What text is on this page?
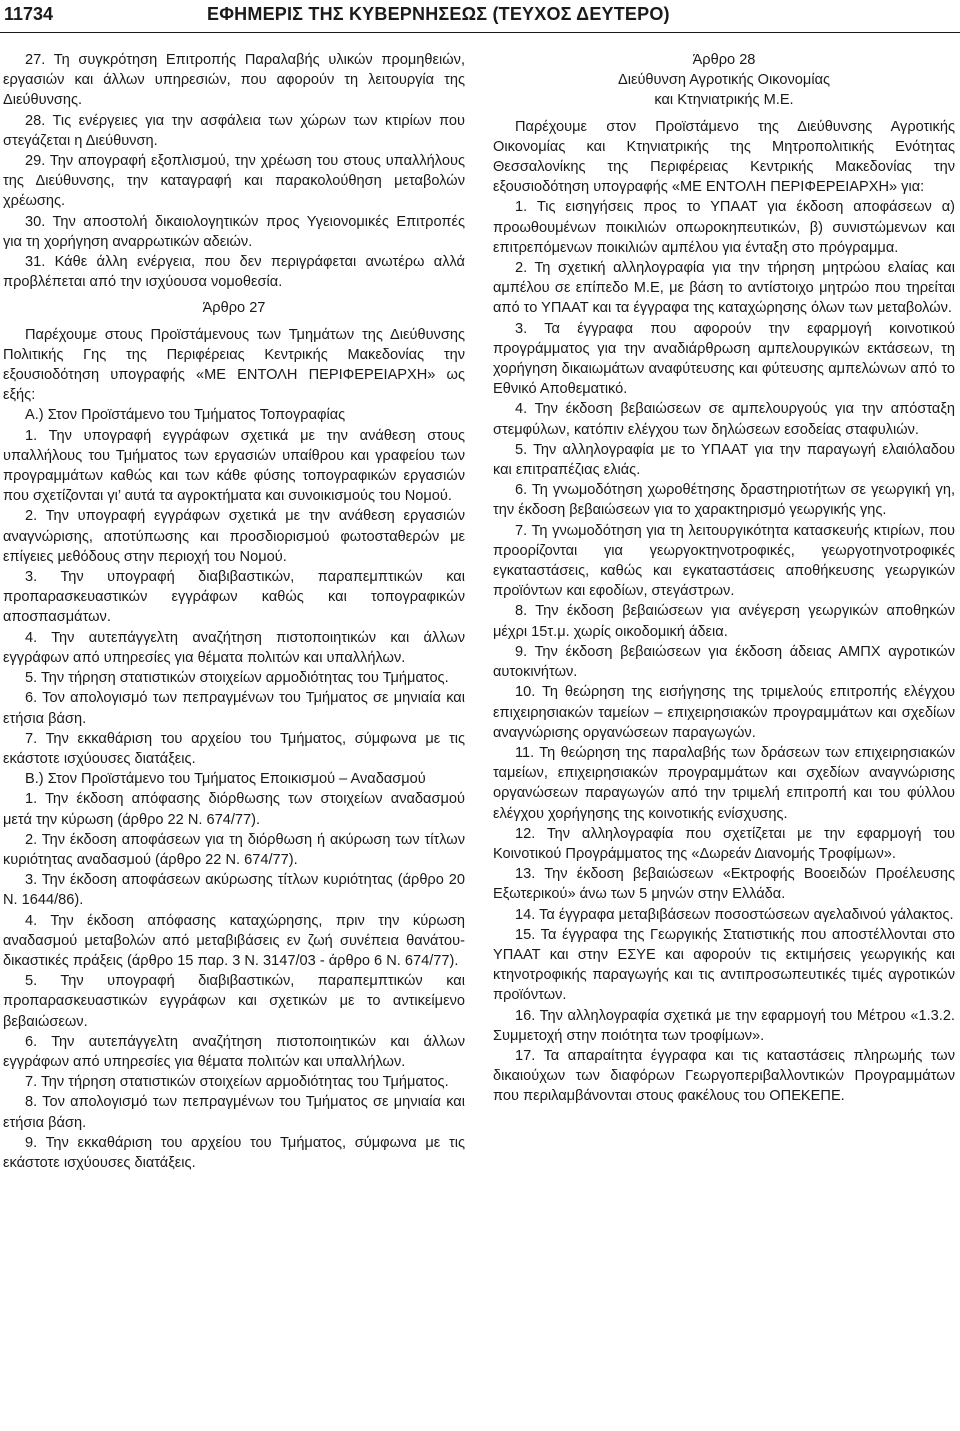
11734	ΕΦΗΜΕΡΙΣ ΤΗΣ ΚΥΒΕΡΝΗΣΕΩΣ (ΤΕΥΧΟΣ ΔΕΥΤΕΡΟ)

27. Τη συγκρότηση Επιτροπής Παραλαβής υλικών προμηθειών, εργασιών και άλλων υπηρεσιών, που αφορούν τη λειτουργία της Διεύθυνσης.

28. Τις ενέργειες για την ασφάλεια των χώρων των κτιρίων που στεγάζεται η Διεύθυνση.

29. Την απογραφή εξοπλισμού, την χρέωση του στους υπαλλήλους της Διεύθυνσης, την καταγραφή και παρακολούθηση μεταβολών χρέωσης.

30. Την αποστολή δικαιολογητικών προς Υγειονομικές Επιτροπές για τη χορήγηση αναρρωτικών αδειών.

31. Κάθε άλλη ενέργεια, που δεν περιγράφεται ανωτέρω αλλά προβλέπεται από την ισχύουσα νομοθεσία.

Άρθρο 27

Παρέχουμε στους Προϊστάμενους των Τμημάτων της Διεύθυνσης Πολιτικής Γης της Περιφέρειας Κεντρικής Μακεδονίας την εξουσιοδότηση υπογραφής «ΜΕ ΕΝΤΟΛΗ ΠΕΡΙΦΕΡΕΙΑΡΧΗ» ως εξής:

Α.) Στον Προϊστάμενο του Τμήματος Τοπογραφίας

1. Την υπογραφή εγγράφων σχετικά με την ανάθεση στους υπαλλήλους του Τμήματος των εργασιών υπαίθρου και γραφείου των προγραμμάτων καθώς και των κάθε φύσης τοπογραφικών εργασιών που σχετίζονται γι’ αυτά τα αγροκτήματα και συνοικισμούς του Νομού.

2. Την υπογραφή εγγράφων σχετικά με την ανάθεση εργασιών αναγνώρισης, αποτύπωσης και προσδιορισμού φωτοσταθερών με επίγειες μεθόδους στην περιοχή του Νομού.

3. Την υπογραφή διαβιβαστικών, παραπεμπτικών και προπαρασκευαστικών εγγράφων καθώς και τοπογραφικών αποσπασμάτων.

4. Την αυτεπάγγελτη αναζήτηση πιστοποιητικών και άλλων εγγράφων από υπηρεσίες για θέματα πολιτών και υπαλλήλων.

5. Την τήρηση στατιστικών στοιχείων αρμοδιότητας του Τμήματος.

6. Τον απολογισμό των πεπραγμένων του Τμήματος σε μηνιαία και ετήσια βάση.

7. Την εκκαθάριση του αρχείου του Τμήματος, σύμφωνα με τις εκάστοτε ισχύουσες διατάξεις.

Β.) Στον Προϊστάμενο του Τμήματος Εποικισμού – Αναδασμού

1. Την έκδοση απόφασης διόρθωσης των στοιχείων αναδασμού μετά την κύρωση (άρθρο 22 Ν. 674/77).

2. Την έκδοση αποφάσεων για τη διόρθωση ή ακύρωση των τίτλων κυριότητας αναδασμού (άρθρο 22 Ν. 674/77).

3. Την έκδοση αποφάσεων ακύρωσης τίτλων κυριότητας (άρθρο 20 Ν. 1644/86).

4. Την έκδοση απόφασης καταχώρησης, πριν την κύρωση αναδασμού μεταβολών από μεταβιβάσεις εν ζωή συνέπεια θανάτου-δικαστικές πράξεις (άρθρο 15 παρ. 3 Ν. 3147/03 - άρθρο 6 Ν. 674/77).

5. Την υπογραφή διαβιβαστικών, παραπεμπτικών και προπαρασκευαστικών εγγράφων και σχετικών με το αντικείμενο βεβαιώσεων.

6. Την αυτεπάγγελτη αναζήτηση πιστοποιητικών και άλλων εγγράφων από υπηρεσίες για θέματα πολιτών και υπαλλήλων.

7. Την τήρηση στατιστικών στοιχείων αρμοδιότητας του Τμήματος.

8. Τον απολογισμό των πεπραγμένων του Τμήματος σε μηνιαία και ετήσια βάση.

9. Την εκκαθάριση του αρχείου του Τμήματος, σύμφωνα με τις εκάστοτε ισχύουσες διατάξεις.

Άρθρο 28
Διεύθυνση Αγροτικής Οικονομίας
και Κτηνιατρικής Μ.Ε.

Παρέχουμε στον Προϊστάμενο της Διεύθυνσης Αγροτικής Οικονομίας και Κτηνιατρικής της Μητροπολιτικής Ενότητας Θεσσαλονίκης της Περιφέρειας Κεντρικής Μακεδονίας την εξουσιοδότηση υπογραφής «ΜΕ ΕΝΤΟΛΗ ΠΕΡΙΦΕΡΕΙΑΡΧΗ» για:

1. Τις εισηγήσεις προς το ΥΠΑΑΤ για έκδοση αποφάσεων α) προωθουμένων ποικιλιών οπωροκηπευτικών, β) συνιστώμενων και επιτρεπόμενων ποικιλιών αμπέλου για ένταξη στο πρόγραμμα.

2. Τη σχετική αλληλογραφία για την τήρηση μητρώου ελαίας και αμπέλου σε επίπεδο Μ.Ε, με βάση το αντίστοιχο μητρώο που τηρείται από το ΥΠΑΑΤ και τα έγγραφα της καταχώρησης όλων των μεταβολών.

3. Τα έγγραφα που αφορούν την εφαρμογή κοινοτικού προγράμματος για την αναδιάρθρωση αμπελουργικών εκτάσεων, τη χορήγηση δικαιωμάτων αναφύτευσης και φύτευσης αμπελώνων από το Εθνικό Αποθεματικό.

4. Την έκδοση βεβαιώσεων σε αμπελουργούς για την απόσταξη στεμφύλων, κατόπιν ελέγχου των δηλώσεων εσοδείας σταφυλιών.

5. Την αλληλογραφία με το ΥΠΑΑΤ για την παραγωγή ελαιόλαδου και επιτραπέζιας ελιάς.

6. Τη γνωμοδότηση χωροθέτησης δραστηριοτήτων σε γεωργική γη, την έκδοση βεβαιώσεων για το χαρακτηρισμό γεωργικής γης.

7. Τη γνωμοδότηση για τη λειτουργικότητα κατασκευής κτιρίων, που προορίζονται για γεωργοκτηνοτροφικές, γεωργοτηνοτροφικές εγκαταστάσεις, καθώς και εγκαταστάσεις αποθήκευσης γεωργικών προϊόντων και εφοδίων, στεγάστρων.

8. Την έκδοση βεβαιώσεων για ανέγερση γεωργικών αποθηκών μέχρι 15τ.μ. χωρίς οικοδομική άδεια.

9. Την έκδοση βεβαιώσεων για έκδοση άδειας ΑΜΠΧ αγροτικών αυτοκινήτων.

10. Τη θεώρηση της εισήγησης της τριμελούς επιτροπής ελέγχου επιχειρησιακών ταμείων – επιχειρησιακών προγραμμάτων και σχεδίων αναγνώρισης οργανώσεων παραγωγών.

11. Τη θεώρηση της παραλαβής των δράσεων των επιχειρησιακών ταμείων, επιχειρησιακών προγραμμάτων και σχεδίων αναγνώρισης οργανώσεων παραγωγών από την τριμελή επιτροπή και του φύλλου ελέγχου χορήγησης της κοινοτικής ενίσχυσης.

12. Την αλληλογραφία που σχετίζεται με την εφαρμογή του Κοινοτικού Προγράμματος της «Δωρεάν Διανομής Τροφίμων».

13. Την έκδοση βεβαιώσεων «Εκτροφής Βοοειδών Προέλευσης Εξωτερικού» άνω των 5 μηνών στην Ελλάδα.

14. Τα έγγραφα μεταβιβάσεων ποσοστώσεων αγελαδινού γάλακτος.

15. Τα έγγραφα της Γεωργικής Στατιστικής που αποστέλλονται στο ΥΠΑΑΤ και στην ΕΣΥΕ και αφορούν τις εκτιμήσεις γεωργικής και κτηνοτροφικής παραγωγής και τις αντιπροσωπευτικές τιμές αγροτικών προϊόντων.

16. Την αλληλογραφία σχετικά με την εφαρμογή του Μέτρου «1.3.2. Συμμετοχή στην ποιότητα των τροφίμων».

17. Τα απαραίτητα έγγραφα και τις καταστάσεις πληρωμής των δικαιούχων των διαφόρων Γεωργοπεριβαλλοντικών Προγραμμάτων που περιλαμβάνονται στους φακέλους του ΟΠΕΚΕΠΕ.
